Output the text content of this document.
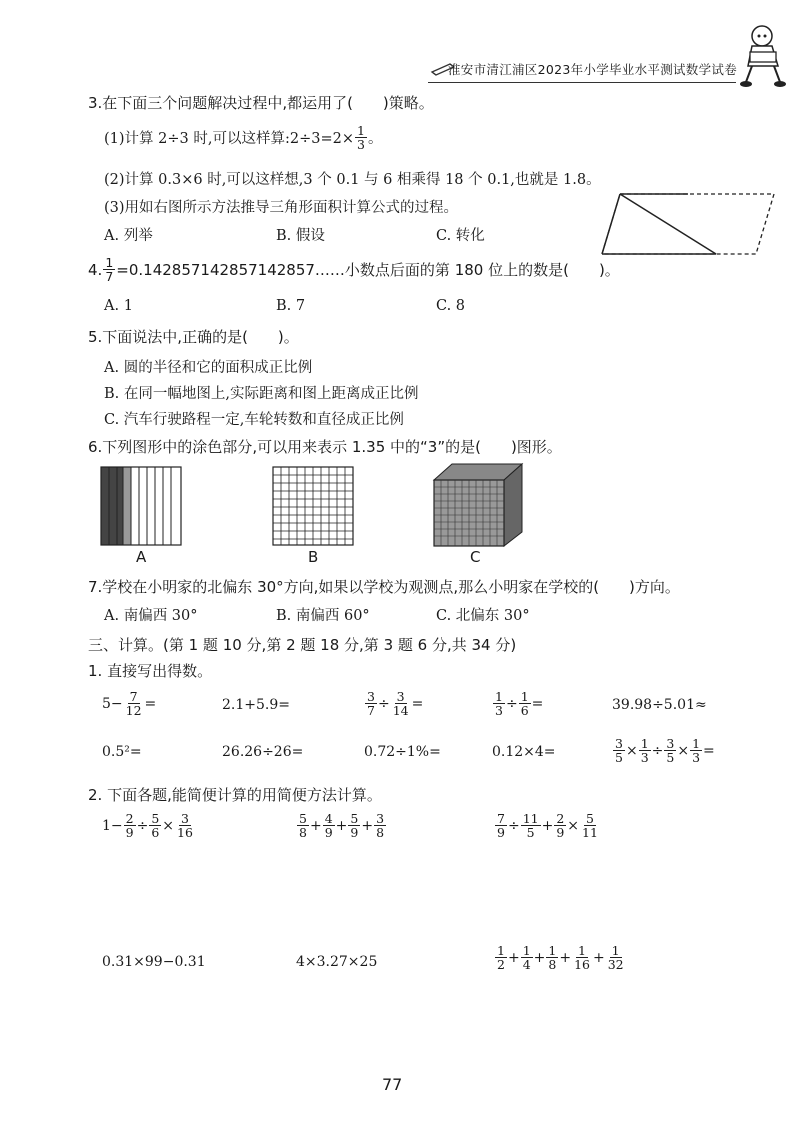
淮安市清江浦区2023年小学毕业水平测试数学试卷
3.在下面三个问题解决过程中,都运用了(　　)策略。
(1)计算 2÷3 时,可以这样算:2÷3=2× $\frac{1}{3}$ 。
(2)计算 0.3×6 时,可以这样想,3 个 0.1 与 6 相乘得 18 个 0.1,也就是 1.8。
(3)用如右图所示方法推导三角形面积计算公式的过程。
A. 列举	B. 假设	C. 转化
4. $\frac{1}{7}$ =0.142857142857142857……小数点后面的第 180 位上的数是(　　)。
A. 1	B. 7	C. 8
5.下面说法中,正确的是(　　)。
A. 圆的半径和它的面积成正比例
B. 在同一幅地图上,实际距离和图上距离成正比例
C. 汽车行驶路程一定,车轮转数和直径成正比例
6.下列图形中的涂色部分,可以用来表示 1.35 中的“3”的是(　　)图形。
A	B	C
7.学校在小明家的北偏东 30°方向,如果以学校为观测点,那么小明家在学校的(　　)方向。
A. 南偏西 30°	B. 南偏西 60°	C. 北偏东 30°
三、计算。(第 1 题 10 分,第 2 题 18 分,第 3 题 6 分,共 34 分)
1. 直接写出得数。
$5- \frac{7}{12}$ =	2.1+5.9=	$\frac{3}{7} \div \frac{3}{14}$ =	$\frac{1}{3} \div \frac{1}{6}$ =	39.98÷5.01≈
0.5²=	26.26÷26=	0.72÷1%=	0.12×4=	$\frac{3}{5} \times \frac{1}{3} \div \frac{3}{5} \times \frac{1}{3}$ =
2. 下面各题,能简便计算的用简便方法计算。
$1- \frac{2}{9} \div \frac{5}{6} \times \frac{3}{16}$	$\frac{5}{8} + \frac{4}{9} + \frac{5}{9} + \frac{3}{8}$	$\frac{7}{9} \div \frac{11}{5} + \frac{2}{9} \times \frac{5}{11}$
0.31×99−0.31	4×3.27×25	$\frac{1}{2} + \frac{1}{4} + \frac{1}{8} + \frac{1}{16} + \frac{1}{32}$
77
